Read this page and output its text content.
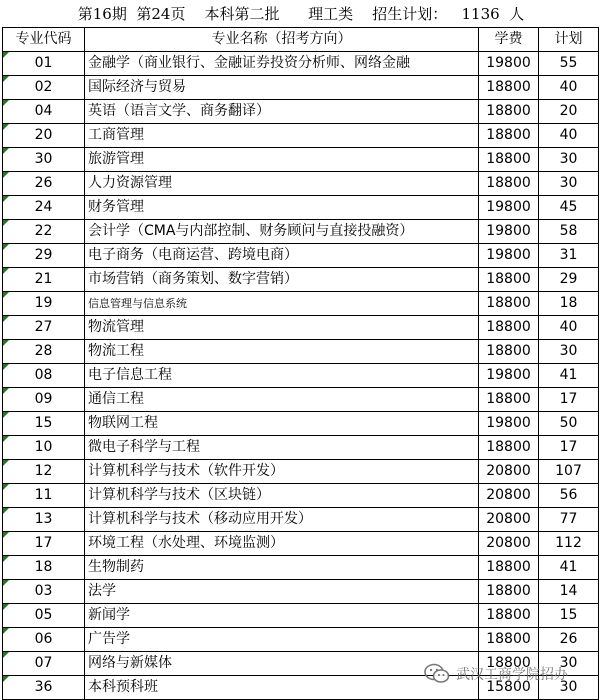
第16期  第24页    本科第二批      理工类    招生计划：   1136  人
专业代码	专业名称（招考方向）	学费	计划

01	金融学（商业银行、金融证券投资分析师、网络金融	19800	55

02	国际经济与贸易	18800	40

04	英语（语言文学、商务翻译）	18800	20

20	工商管理	18800	40

30	旅游管理	18800	30

26	人力资源管理	18800	30

24	财务管理	19800	45

22	会计学（CMA与内部控制、财务顾问与直接投融资）	19800	58

29	电子商务（电商运营、跨境电商）	19800	31

21	市场营销（商务策划、数字营销）	18800	29

19	信息管理与信息系统	18800	18

27	物流管理	18800	40

28	物流工程	18800	30

08	电子信息工程	19800	41

09	通信工程	18800	17

15	物联网工程	19800	50

10	微电子科学与工程	18800	17

12	计算机科学与技术（软件开发）	20800	107

11	计算机科学与技术（区块链）	20800	56

13	计算机科学与技术（移动应用开发）	20800	77

17	环境工程（水处理、环境监测）	20800	112

18	生物制药	18800	41

03	法学	18800	14

05	新闻学	18800	15

06	广告学	18800	26

07	网络与新媒体	18800	30

36	本科预科班	15800	30
武汉工商学院招办
